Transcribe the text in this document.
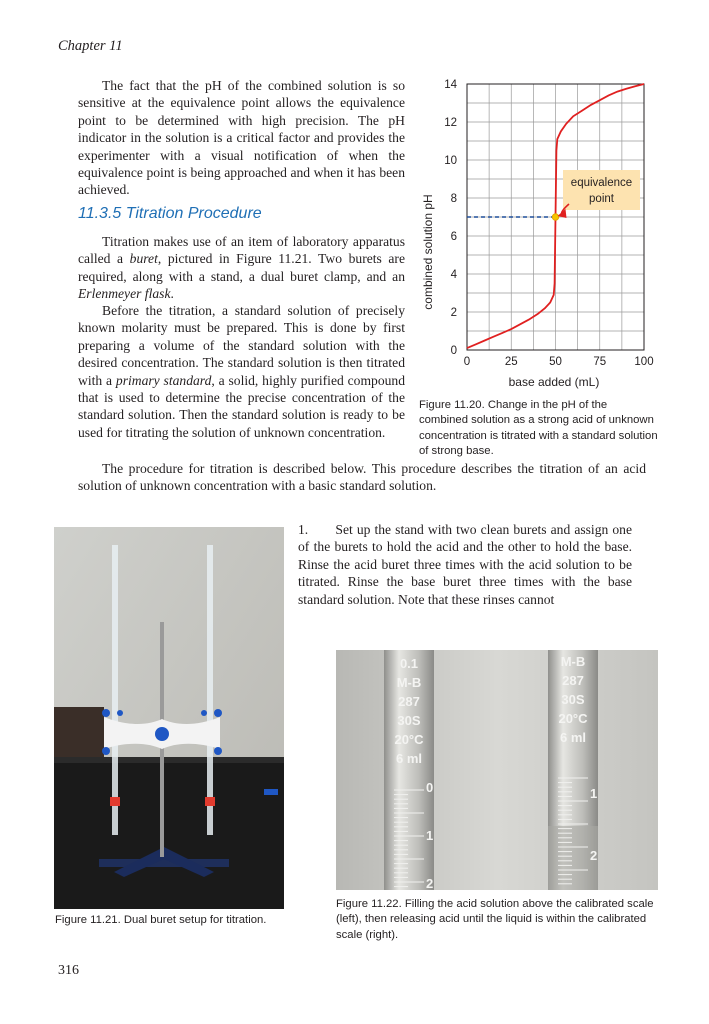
Chapter 11

The fact that the pH of the combined solution is so sensitive at the equivalence point allows the equivalence point to be determined with high precision. The pH indicator in the solution is a critical factor and provides the experimenter with a visual notification of when the equivalence point is being approached and when it has been achieved.

11.3.5 Titration Procedure

Titration makes use of an item of laboratory apparatus called a buret, pictured in Figure 11.21. Two burets are required, along with a stand, a dual buret clamp, and an Erlenmeyer flask.

Before the titration, a standard solution of precisely known molarity must be prepared. This is done by first preparing a volume of the standard solution with the desired concentration. The standard solution is then titrated with a primary standard, a solid, highly purified compound that is used to determine the precise concentration of the standard solution. Then the standard solution is ready to be used for titrating the solution of unknown concentration.

The procedure for titration is described below. This procedure describes the titration of an acid solution of unknown concentration with a basic standard solution.

1.  Set up the stand with two clean burets and assign one of the burets to hold the acid and the other to hold the base. Rinse the acid buret three times with the acid solution to be titrated. Rinse the base buret three times with the base standard solution. Note that these rinses cannot

0	25	50	75 100
0
2
4
6
8
10
12
14
combined solution pH
base added (mL)
equivalence
point
Figure 11.20. Change in the pH of the combined solution as a strong acid of unknown concentration is titrated with a standard solution of strong base.
Figure 11.21. Dual buret setup for titration.
0.1
M-B
287
30S
20°C
6 ml
M-B
287
30S
20°C
6 ml
0
1
2
1
2
Figure 11.22. Filling the acid solution above the calibrated scale (left), then releasing acid until the liquid is within the calibrated scale (right).
316
